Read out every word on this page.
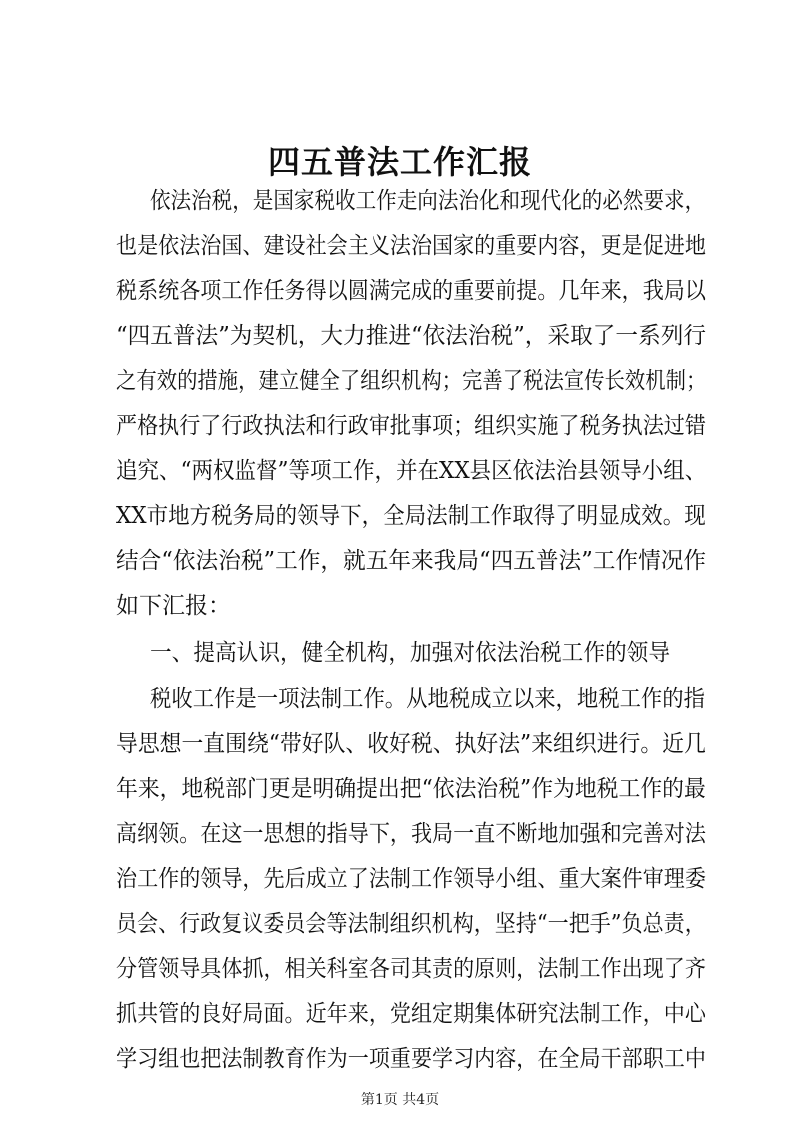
四五普法工作汇报
依法治税，是国家税收工作走向法治化和现代化的必然要求，
也是依法治国、建设社会主义法治国家的重要内容，更是促进地
税系统各项工作任务得以圆满完成的重要前提。几年来，我局以
“四五普法”为契机，大力推进“依法治税”，采取了一系列行
之有效的措施，建立健全了组织机构；完善了税法宣传长效机制；
严格执行了行政执法和行政审批事项；组织实施了税务执法过错
追究、“两权监督”等项工作，并在XX县区依法治县领导小组、
XX市地方税务局的领导下，全局法制工作取得了明显成效。现
结合“依法治税”工作，就五年来我局“四五普法”工作情况作
如下汇报：
一、提高认识，健全机构，加强对依法治税工作的领导
税收工作是一项法制工作。从地税成立以来，地税工作的指
导思想一直围绕“带好队、收好税、执好法”来组织进行。近几
年来，地税部门更是明确提出把“依法治税”作为地税工作的最
高纲领。在这一思想的指导下，我局一直不断地加强和完善对法
治工作的领导，先后成立了法制工作领导小组、重大案件审理委
员会、行政复议委员会等法制组织机构，坚持“一把手”负总责，
分管领导具体抓，相关科室各司其责的原则，法制工作出现了齐
抓共管的良好局面。近年来，党组定期集体研究法制工作，中心
学习组也把法制教育作为一项重要学习内容，在全局干部职工中
第1页 共4页
